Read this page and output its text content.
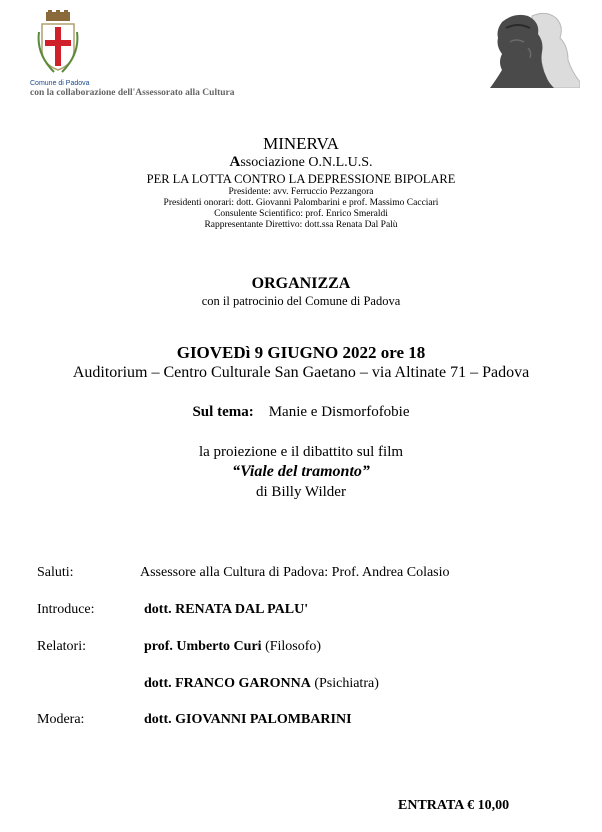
Comune di Padova
con la collaborazione dell'Assessorato alla Cultura
MINERVA
Associazione O.N.L.U.S.
PER LA LOTTA CONTRO LA DEPRESSIONE BIPOLARE
Presidente: avv. Ferruccio Pezzangora
Presidenti onorari: dott. Giovanni Palombarini e prof. Massimo Cacciari
Consulente Scientifico: prof. Enrico Smeraldi
Rappresentante Direttivo: dott.ssa Renata Dal Palù
ORGANIZZA
con il patrocinio del Comune di Padova
GIOVEDì 9 GIUGNO 2022 ore 18
Auditorium – Centro Culturale San Gaetano – via Altinate 71 – Padova
Sul tema: Manie e Dismorfofobie
la proiezione e il dibattito sul film
“Viale del tramonto”
di Billy Wilder
Saluti:	Assessore alla Cultura di Padova: Prof. Andrea Colasio
Introduce:	dott. RENATA DAL PALU'
Relatori:	prof. Umberto Curi (Filosofo)
dott. FRANCO GARONNA (Psichiatra)
Modera:	dott. GIOVANNI PALOMBARINI
ENTRATA € 10,00
